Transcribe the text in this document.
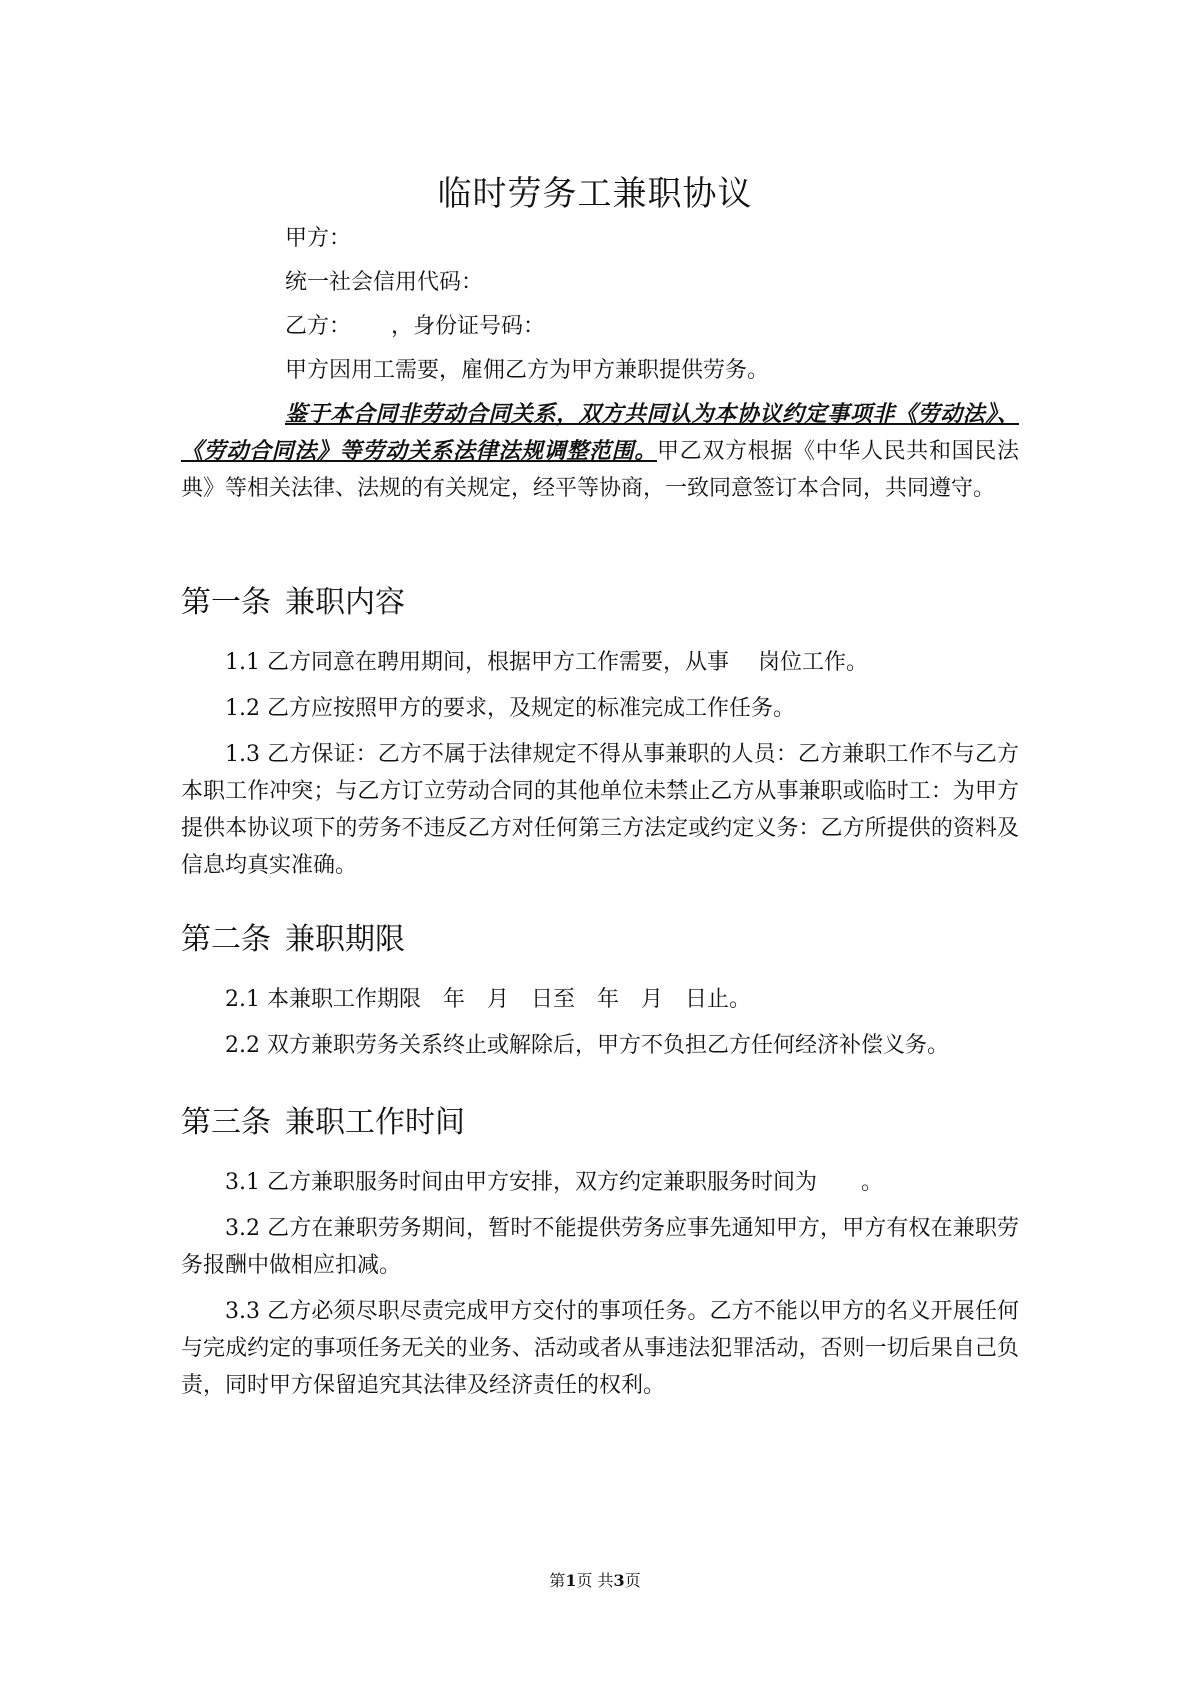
临时劳务工兼职协议

甲方：

统一社会信用代码：

乙方：　　 ，身份证号码：

甲方因用工需要，雇佣乙方为甲方兼职提供劳务。

鉴于本合同非劳动合同关系，双方共同认为本协议约定事项非《劳动法》、《劳动合同法》等劳动关系法律法规调整范围。甲乙双方根据《中华人民共和国民法典》等相关法律、法规的有关规定，经平等协商，一致同意签订本合同，共同遵守。

第一条 兼职内容

1.1 乙方同意在聘用期间，根据甲方工作需要，从事　 岗位工作。

1.2 乙方应按照甲方的要求，及规定的标准完成工作任务。

1.3 乙方保证：乙方不属于法律规定不得从事兼职的人员：乙方兼职工作不与乙方本职工作冲突；与乙方订立劳动合同的其他单位未禁止乙方从事兼职或临时工：为甲方提供本协议项下的劳务不违反乙方对任何第三方法定或约定义务：乙方所提供的资料及信息均真实准确。

第二条 兼职期限

2.1 本兼职工作期限　年　月　日至　年　月　日止。

2.2 双方兼职劳务关系终止或解除后，甲方不负担乙方任何经济补偿义务。

第三条 兼职工作时间

3.1 乙方兼职服务时间由甲方安排，双方约定兼职服务时间为　　。

3.2 乙方在兼职劳务期间，暂时不能提供劳务应事先通知甲方，甲方有权在兼职劳务报酬中做相应扣减。

3.3 乙方必须尽职尽责完成甲方交付的事项任务。乙方不能以甲方的名义开展任何与完成约定的事项任务无关的业务、活动或者从事违法犯罪活动，否则一切后果自己负责，同时甲方保留追究其法律及经济责任的权利。

第1页 共3页
